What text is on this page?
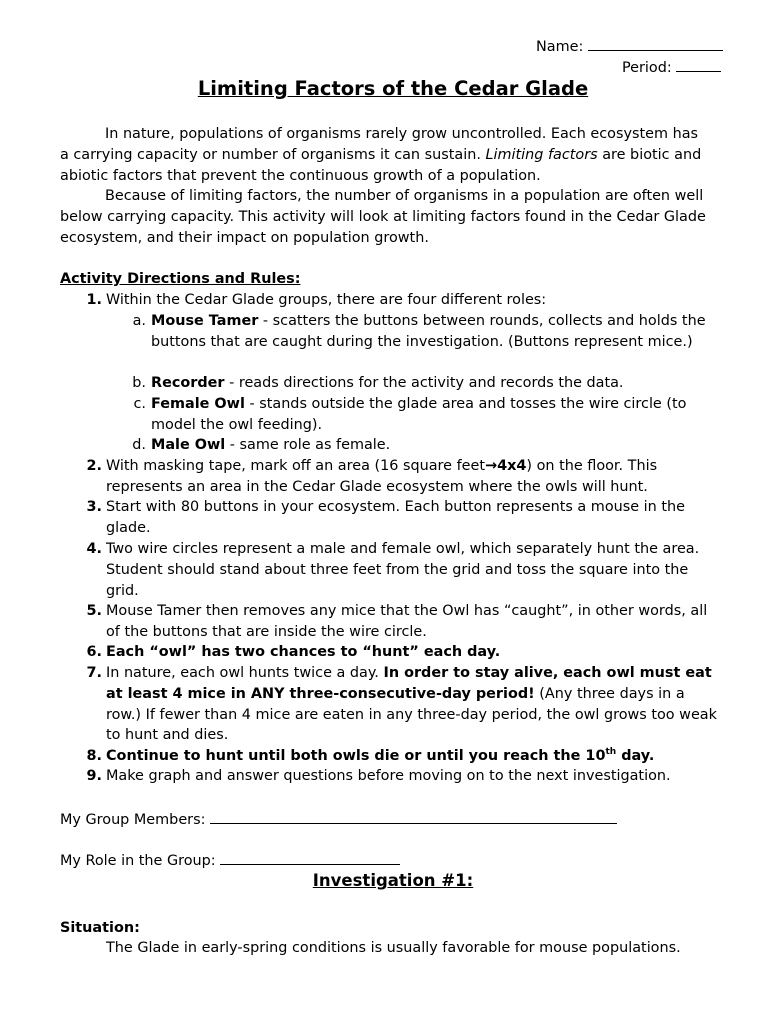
Name:
Period:
Limiting Factors of the Cedar Glade

In nature, populations of organisms rarely grow uncontrolled. Each ecosystem has a carrying capacity or number of organisms it can sustain. Limiting factors are biotic and abiotic factors that prevent the continuous growth of a population.

Because of limiting factors, the number of organisms in a population are often well below carrying capacity. This activity will look at limiting factors found in the Cedar Glade ecosystem, and their impact on population growth.

Activity Directions and Rules:
1. Within the Cedar Glade groups, there are four different roles:
a. Mouse Tamer - scatters the buttons between rounds, collects and holds the buttons that are caught during the investigation. (Buttons represent mice.)
b. Recorder - reads directions for the activity and records the data.
c. Female Owl - stands outside the glade area and tosses the wire circle (to model the owl feeding).
d. Male Owl - same role as female.
2. With masking tape, mark off an area (16 square feet→4x4) on the floor. This represents an area in the Cedar Glade ecosystem where the owls will hunt.
3. Start with 80 buttons in your ecosystem. Each button represents a mouse in the glade.
4. Two wire circles represent a male and female owl, which separately hunt the area. Student should stand about three feet from the grid and toss the square into the grid.
5. Mouse Tamer then removes any mice that the Owl has “caught”, in other words, all of the buttons that are inside the wire circle.
6. Each “owl” has two chances to “hunt” each day.
7. In nature, each owl hunts twice a day. In order to stay alive, each owl must eat at least 4 mice in ANY three-consecutive-day period! (Any three days in a row.) If fewer than 4 mice are eaten in any three-day period, the owl grows too weak to hunt and dies.
8. Continue to hunt until both owls die or until you reach the 10th day.
9. Make graph and answer questions before moving on to the next investigation.
My Group Members:
My Role in the Group:
Investigation #1:
Situation:
The Glade in early-spring conditions is usually favorable for mouse populations.
